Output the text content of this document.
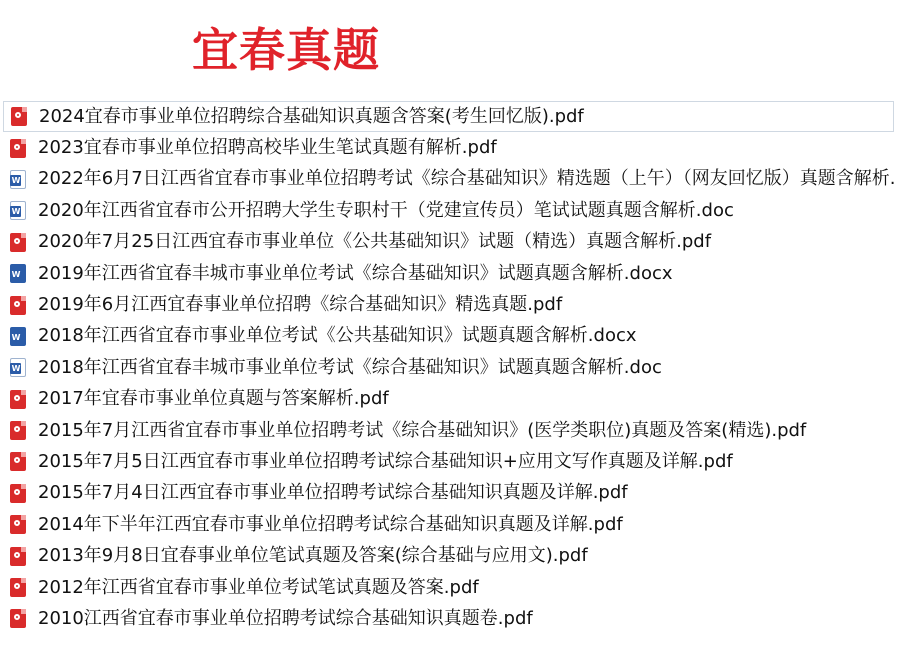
宜春真题
2024宜春市事业单位招聘综合基础知识真题含答案(考生回忆版).pdf
2023宜春市事业单位招聘高校毕业生笔试真题有解析.pdf
W
2022年6月7日江西省宜春市事业单位招聘考试《综合基础知识》精选题（上午）（网友回忆版）真题含解析.
W
2020年江西省宜春市公开招聘大学生专职村干（党建宣传员）笔试试题真题含解析.doc
2020年7月25日江西宜春市事业单位《公共基础知识》试题（精选）真题含解析.pdf
W
2019年江西省宜春丰城市事业单位考试《综合基础知识》试题真题含解析.docx
2019年6月江西宜春事业单位招聘《综合基础知识》精选真题.pdf
W
2018年江西省宜春市事业单位考试《公共基础知识》试题真题含解析.docx
W
2018年江西省宜春丰城市事业单位考试《综合基础知识》试题真题含解析.doc
2017年宜春市事业单位真题与答案解析.pdf
2015年7月江西省宜春市事业单位招聘考试《综合基础知识》(医学类职位)真题及答案(精选).pdf
2015年7月5日江西宜春市事业单位招聘考试综合基础知识+应用文写作真题及详解.pdf
2015年7月4日江西宜春市事业单位招聘考试综合基础知识真题及详解.pdf
2014年下半年江西宜春市事业单位招聘考试综合基础知识真题及详解.pdf
2013年9月8日宜春事业单位笔试真题及答案(综合基础与应用文).pdf
2012年江西省宜春市事业单位考试笔试真题及答案.pdf
2010江西省宜春市事业单位招聘考试综合基础知识真题卷.pdf
